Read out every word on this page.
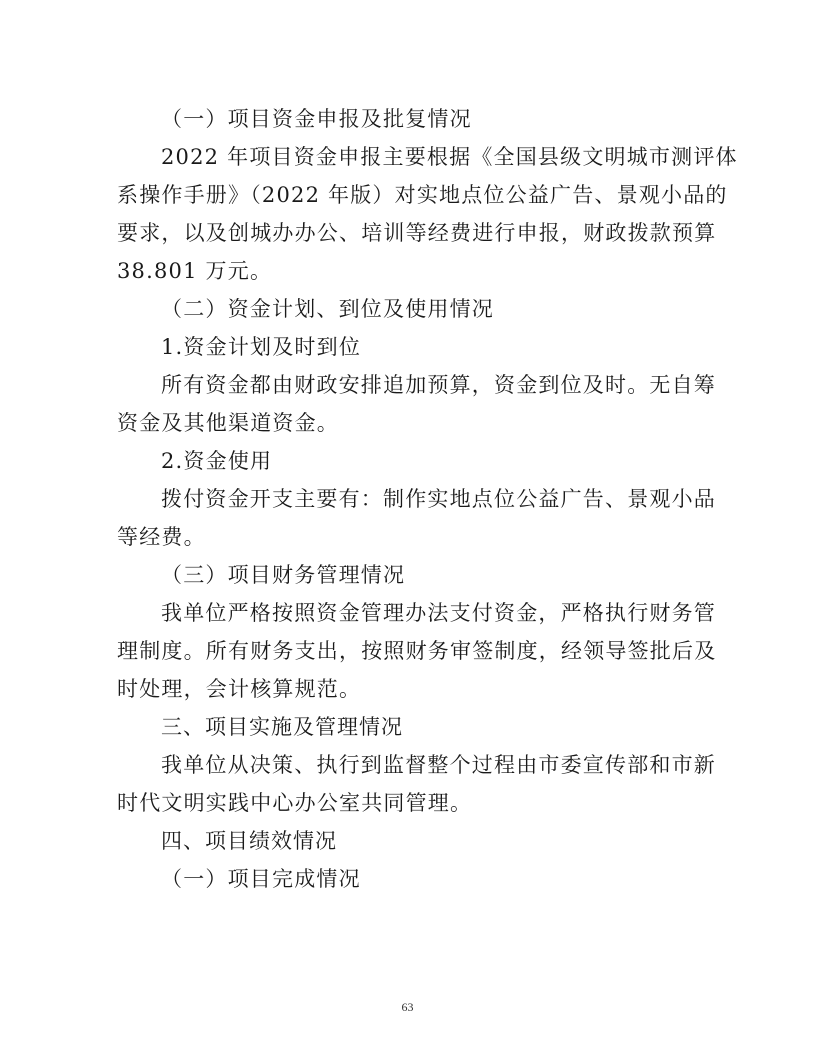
（一）项目资金申报及批复情况
2022 年项目资金申报主要根据《全国县级文明城市测评体
系操作手册》（2022 年版）对实地点位公益广告、景观小品的
要求，以及创城办办公、培训等经费进行申报，财政拨款预算
38.801 万元。
（二）资金计划、到位及使用情况
1.资金计划及时到位
所有资金都由财政安排追加预算，资金到位及时。无自筹
资金及其他渠道资金。
2.资金使用
拨付资金开支主要有：制作实地点位公益广告、景观小品
等经费。
（三）项目财务管理情况
我单位严格按照资金管理办法支付资金，严格执行财务管
理制度。所有财务支出，按照财务审签制度，经领导签批后及
时处理，会计核算规范。
三、项目实施及管理情况
我单位从决策、执行到监督整个过程由市委宣传部和市新
时代文明实践中心办公室共同管理。
四、项目绩效情况
（一）项目完成情况
63
